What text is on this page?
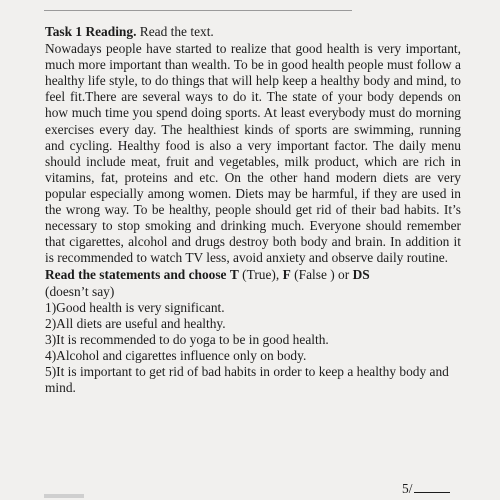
Task 1 Reading. Read the text.

Nowadays people have started to realize that good health is very important, much more important than wealth. To be in good health people must follow a healthy life style, to do things that will help keep a healthy body and mind, to feel fit.There are several ways to do it. The state of your body depends on how much time you spend doing sports. At least everybody must do morning exercises every day. The healthiest kinds of sports are swimming, running and cycling. Healthy food is also a very important factor. The daily menu should include meat, fruit and vegetables, milk product, which are rich in vitamins, fat, proteins and etc. On the other hand modern diets are very popular especially among women. Diets may be harmful, if they are used in the wrong way. To be healthy, people should get rid of their bad habits. It’s necessary to stop smoking and drinking much. Everyone should remember that cigarettes, alcohol and drugs destroy both body and brain. In addition it is recommended to watch TV less, avoid anxiety and observe daily routine.

Read the statements and choose T (True), F (False ) or DS
(doesn’t say)

1)Good health is very significant.

2)All diets are useful and healthy.

3)It is recommended to do yoga to be in good health.

4)Alcohol and cigarettes influence only on body.

5)It is important to get rid of bad habits in order to keep a healthy body and mind.

5/
